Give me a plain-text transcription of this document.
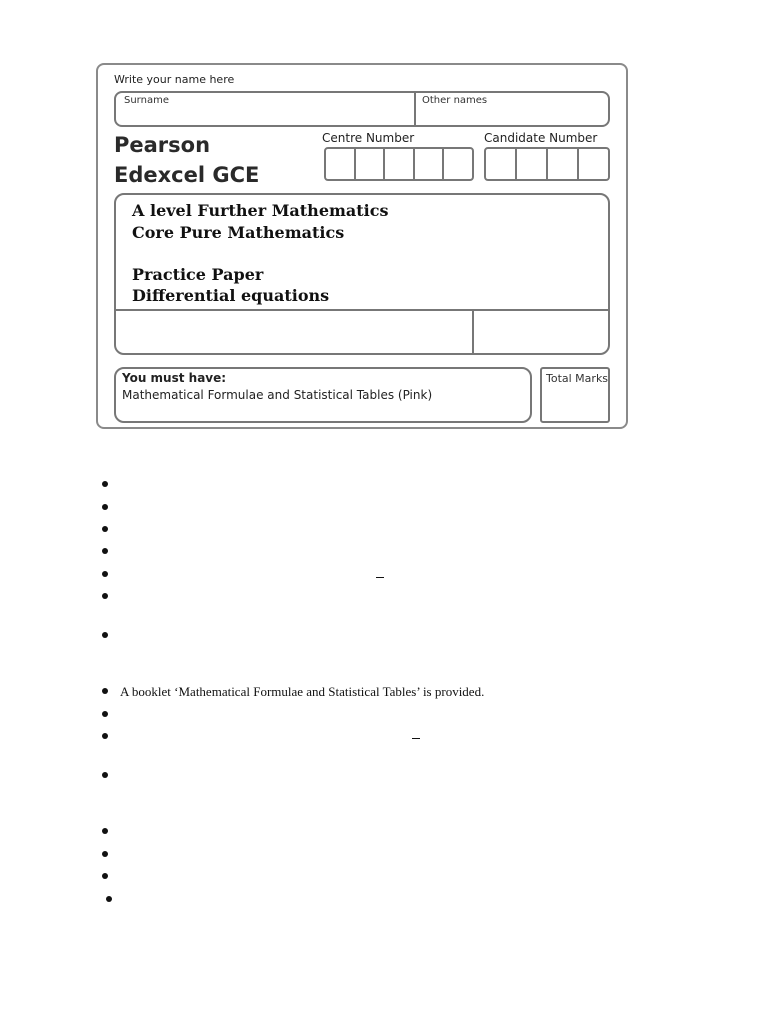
Write your name here
Surname	Other names
Pearson
Edexcel GCE
Centre Number	Candidate Number
A level Further Mathematics
Core Pure Mathematics
Practice Paper
Differential equations
You must have:
Mathematical Formulae and Statistical Tables (Pink)
Total Marks
A booklet ‘Mathematical Formulae and Statistical Tables’ is provided.
